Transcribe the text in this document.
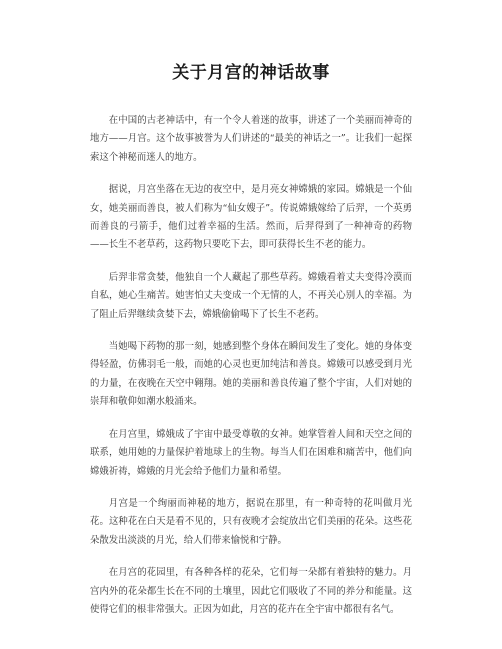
关于月宫的神话故事

在中国的古老神话中，有一个令人着迷的故事，讲述了一个美丽而神奇的地方——月宫。这个故事被誉为人们讲述的“最美的神话之一”。让我们一起探索这个神秘而迷人的地方。

据说，月宫坐落在无边的夜空中，是月亮女神嫦娥的家园。嫦娥是一个仙女，她美丽而善良，被人们称为“仙女嫂子”。传说嫦娥嫁给了后羿，一个英勇而善良的弓箭手，他们过着幸福的生活。然而，后羿得到了一种神奇的药物——长生不老草药，这药物只要吃下去，即可获得长生不老的能力。

后羿非常贪婪，他独自一个人藏起了那些草药。嫦娥看着丈夫变得冷漠而自私，她心生痛苦。她害怕丈夫变成一个无情的人，不再关心别人的幸福。为了阻止后羿继续贪婪下去，嫦娥偷偷喝下了长生不老药。

当她喝下药物的那一刻，她感到整个身体在瞬间发生了变化。她的身体变得轻盈，仿佛羽毛一般，而她的心灵也更加纯洁和善良。嫦娥可以感受到月光的力量，在夜晚在天空中翱翔。她的美丽和善良传遍了整个宇宙，人们对她的崇拜和敬仰如潮水般涌来。

在月宫里，嫦娥成了宇宙中最受尊敬的女神。她掌管着人间和天空之间的联系，她用她的力量保护着地球上的生物。每当人们在困难和痛苦中，他们向嫦娥祈祷，嫦娥的月光会给予他们力量和希望。

月宫是一个绚丽而神秘的地方，据说在那里，有一种奇特的花叫做月光花。这种花在白天是看不见的，只有夜晚才会绽放出它们美丽的花朵。这些花朵散发出淡淡的月光，给人们带来愉悦和宁静。

在月宫的花园里，有各种各样的花朵，它们每一朵都有着独特的魅力。月宫内外的花朵都生长在不同的土壤里，因此它们吸收了不同的养分和能量。这使得它们的根非常强大。正因为如此，月宫的花卉在全宇宙中都很有名气。
